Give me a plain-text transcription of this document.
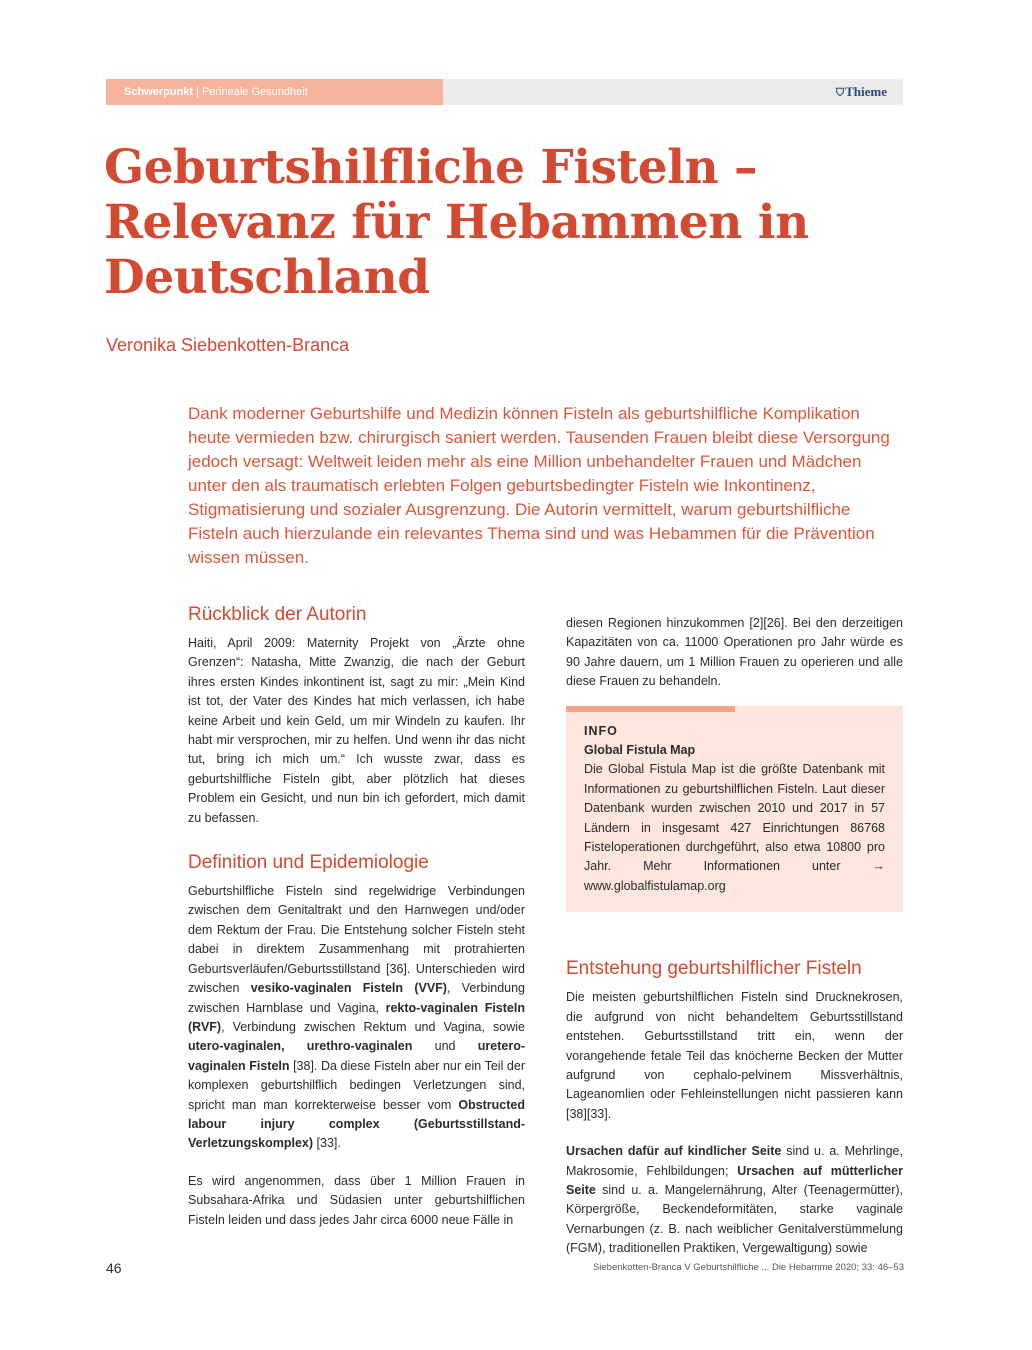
Schwerpunkt | Perineale Gesundheit	⛉Thieme
Geburtshilfliche Fisteln – Relevanz für Hebammen in Deutschland

Veronika Siebenkotten-Branca

Dank moderner Geburtshilfe und Medizin können Fisteln als geburtshilfliche Komplikation heute vermieden bzw. chirurgisch saniert werden. Tausenden Frauen bleibt diese Versorgung jedoch versagt: Weltweit leiden mehr als eine Million unbehandelter Frauen und Mädchen unter den als traumatisch erlebten Folgen geburtsbedingter Fisteln wie Inkontinenz, Stigmatisierung und sozialer Ausgrenzung. Die Autorin vermittelt, warum geburtshilfliche Fisteln auch hierzulande ein relevantes Thema sind und was Hebammen für die Prävention wissen müssen.

Rückblick der Autorin

Haiti, April 2009: Maternity Projekt von „Ärzte ohne Grenzen“: Natasha, Mitte Zwanzig, die nach der Geburt ihres ersten Kindes inkontinent ist, sagt zu mir: „Mein Kind ist tot, der Vater des Kindes hat mich verlassen, ich habe keine Arbeit und kein Geld, um mir Windeln zu kaufen. Ihr habt mir versprochen, mir zu helfen. Und wenn ihr das nicht tut, bring ich mich um.“ Ich wusste zwar, dass es geburtshilfliche Fisteln gibt, aber plötzlich hat dieses Problem ein Gesicht, und nun bin ich gefordert, mich damit zu befassen.

Definition und Epidemiologie

Geburtshilfliche Fisteln sind regelwidrige Verbindungen zwischen dem Genitaltrakt und den Harnwegen und/oder dem Rektum der Frau. Die Entstehung solcher Fisteln steht dabei in direktem Zusammenhang mit protrahierten Geburtsverläufen/Geburtsstillstand [36]. Unterschieden wird zwischen vesiko-vaginalen Fisteln (VVF), Verbindung zwischen Harnblase und Vagina, rekto-vaginalen Fisteln (RVF), Verbindung zwischen Rektum und Vagina, sowie utero-vaginalen, urethro-vaginalen und uretero-vaginalen Fisteln [38]. Da diese Fisteln aber nur ein Teil der komplexen geburtshilflich bedingen Verletzungen sind, spricht man man korrekterweise besser vom Obstructed labour injury complex (Geburtsstillstand-Verletzungskomplex) [33].

Es wird angenommen, dass über 1 Million Frauen in Subsahara-Afrika und Südasien unter geburtshilflichen Fisteln leiden und dass jedes Jahr circa 6000 neue Fälle in

diesen Regionen hinzukommen [2][26]. Bei den derzeitigen Kapazitäten von ca. 11000 Operationen pro Jahr würde es 90 Jahre dauern, um 1 Million Frauen zu operieren und alle diese Frauen zu behandeln.

INFO

Global Fistula Map

Die Global Fistula Map ist die größte Datenbank mit Informationen zu geburtshilflichen Fisteln. Laut dieser Datenbank wurden zwischen 2010 und 2017 in 57 Ländern in insgesamt 427 Einrichtungen 86768 Fisteloperationen durchgeführt, also etwa 10800 pro Jahr. Mehr Informationen unter → www.globalfistulamap.org

Entstehung geburtshilflicher Fisteln

Die meisten geburtshilflichen Fisteln sind Drucknekrosen, die aufgrund von nicht behandeltem Geburtsstillstand entstehen. Geburtsstillstand tritt ein, wenn der vorangehende fetale Teil das knöcherne Becken der Mutter aufgrund von cephalo-pelvinem Missverhältnis, Lageanomlien oder Fehleinstellungen nicht passieren kann [38][33].

Ursachen dafür auf kindlicher Seite sind u. a. Mehrlinge, Makrosomie, Fehlbildungen; Ursachen auf mütterlicher Seite sind u. a. Mangelernährung, Alter (Teenagermütter), Körpergröße, Beckendeformitäten, starke vaginale Vernarbungen (z. B. nach weiblicher Genitalverstümmelung (FGM), traditionellen Praktiken, Vergewaltigung) sowie

46	Siebenkotten-Branca V Geburtshilfliche ... Die Hebamme 2020; 33: 46–53
